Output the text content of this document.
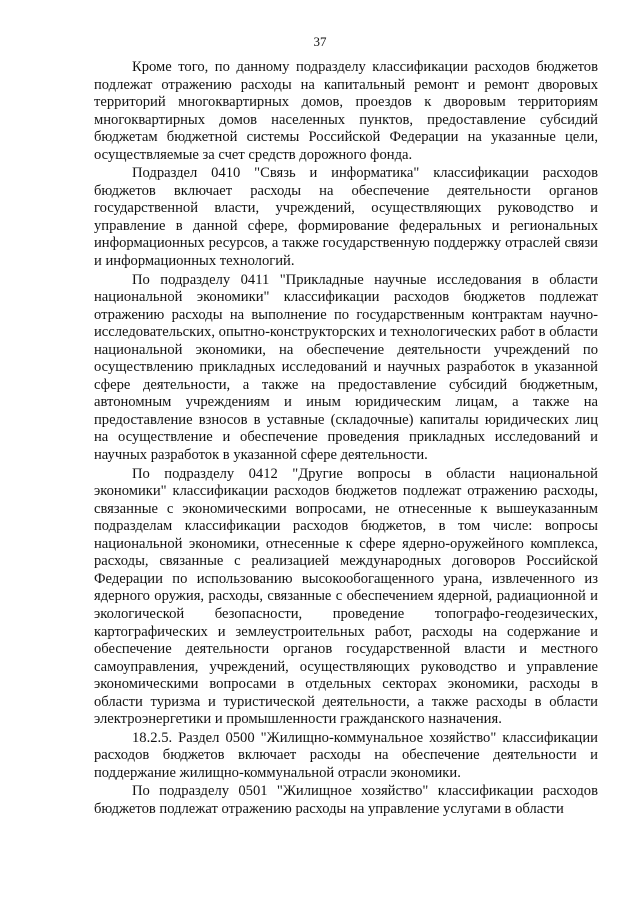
37

Кроме того, по данному подразделу классификации расходов бюджетов подлежат отражению расходы на капитальный ремонт и ремонт дворовых территорий многоквартирных домов, проездов к дворовым территориям многоквартирных домов населенных пунктов, предоставление субсидий бюджетам бюджетной системы Российской Федерации на указанные цели, осуществляемые за счет средств дорожного фонда.

Подраздел 0410 "Связь и информатика" классификации расходов бюджетов включает расходы на обеспечение деятельности органов государственной власти, учреждений, осуществляющих руководство и управление в данной сфере, формирование федеральных и региональных информационных ресурсов, а также государственную поддержку отраслей связи и информационных технологий.

По подразделу 0411 "Прикладные научные исследования в области национальной экономики" классификации расходов бюджетов подлежат отражению расходы на выполнение по государственным контрактам научно-исследовательских, опытно-конструкторских и технологических работ в области национальной экономики, на обеспечение деятельности учреждений по осуществлению прикладных исследований и научных разработок в указанной сфере деятельности, а также на предоставление субсидий бюджетным, автономным учреждениям и иным юридическим лицам, а также на предоставление взносов в уставные (складочные) капиталы юридических лиц на осуществление и обеспечение проведения прикладных исследований и научных разработок в указанной сфере деятельности.

По подразделу 0412 "Другие вопросы в области национальной экономики" классификации расходов бюджетов подлежат отражению расходы, связанные с экономическими вопросами, не отнесенные к вышеуказанным подразделам классификации расходов бюджетов, в том числе: вопросы национальной экономики, отнесенные к сфере ядерно-оружейного комплекса, расходы, связанные с реализацией международных договоров Российской Федерации по использованию высокообогащенного урана, извлеченного из ядерного оружия, расходы, связанные с обеспечением ядерной, радиационной и экологической безопасности, проведение топографо-геодезических, картографических и землеустроительных работ, расходы на содержание и обеспечение деятельности органов государственной власти и местного самоуправления, учреждений, осуществляющих руководство и управление экономическими вопросами в отдельных секторах экономики, расходы в области туризма и туристической деятельности, а также расходы в области электроэнергетики и промышленности гражданского назначения.

18.2.5. Раздел 0500 "Жилищно-коммунальное хозяйство" классификации расходов бюджетов включает расходы на обеспечение деятельности и поддержание жилищно-коммунальной отрасли экономики.

По подразделу 0501 "Жилищное хозяйство" классификации расходов бюджетов подлежат отражению расходы на управление услугами в области
